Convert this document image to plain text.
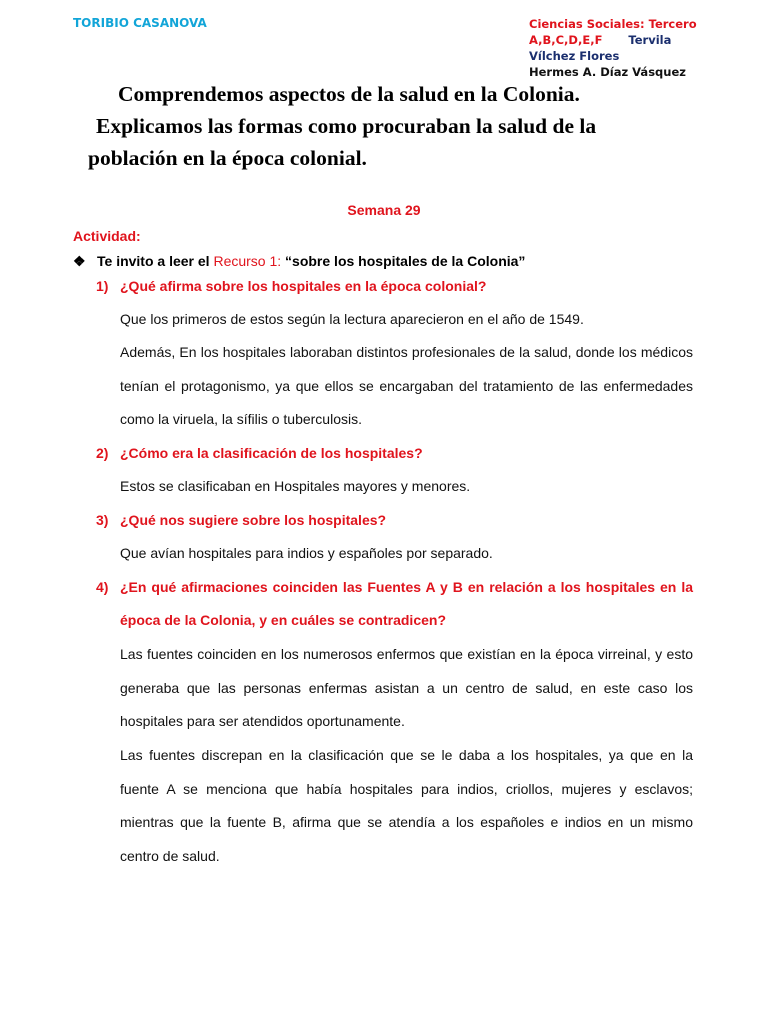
TORIBIO CASANOVA	Ciencias Sociales: Tercero
A,B,C,D,E,F Tervila
Vílchez Flores
Hermes A. Díaz Vásquez
Comprendemos aspectos de la salud en la Colonia.
Explicamos las formas como procuraban la salud de la
población en la época colonial.
Semana 29
Actividad:
❖ Te invito a leer el Recurso 1: “sobre los hospitales de la Colonia”
1) ¿Qué afirma sobre los hospitales en la época colonial?
Que los primeros de estos según la lectura aparecieron en el año de 1549.
Además, En los hospitales laboraban distintos profesionales de la salud, donde los médicos tenían el protagonismo, ya que ellos se encargaban del tratamiento de las enfermedades como la viruela, la sífilis o tuberculosis.
2) ¿Cómo era la clasificación de los hospitales?
Estos se clasificaban en Hospitales mayores y menores.
3) ¿Qué nos sugiere sobre los hospitales?
Que avían hospitales para indios y españoles por separado.
4) ¿En qué afirmaciones coinciden las Fuentes A y B en relación a los hospitales en la época de la Colonia, y en cuáles se contradicen?
Las fuentes coinciden en los numerosos enfermos que existían en la época virreinal, y esto generaba que las personas enfermas asistan a un centro de salud, en este caso los hospitales para ser atendidos oportunamente.
Las fuentes discrepan en la clasificación que se le daba a los hospitales, ya que en la fuente A se menciona que había hospitales para indios, criollos, mujeres y esclavos; mientras que la fuente B, afirma que se atendía a los españoles e indios en un mismo centro de salud.
